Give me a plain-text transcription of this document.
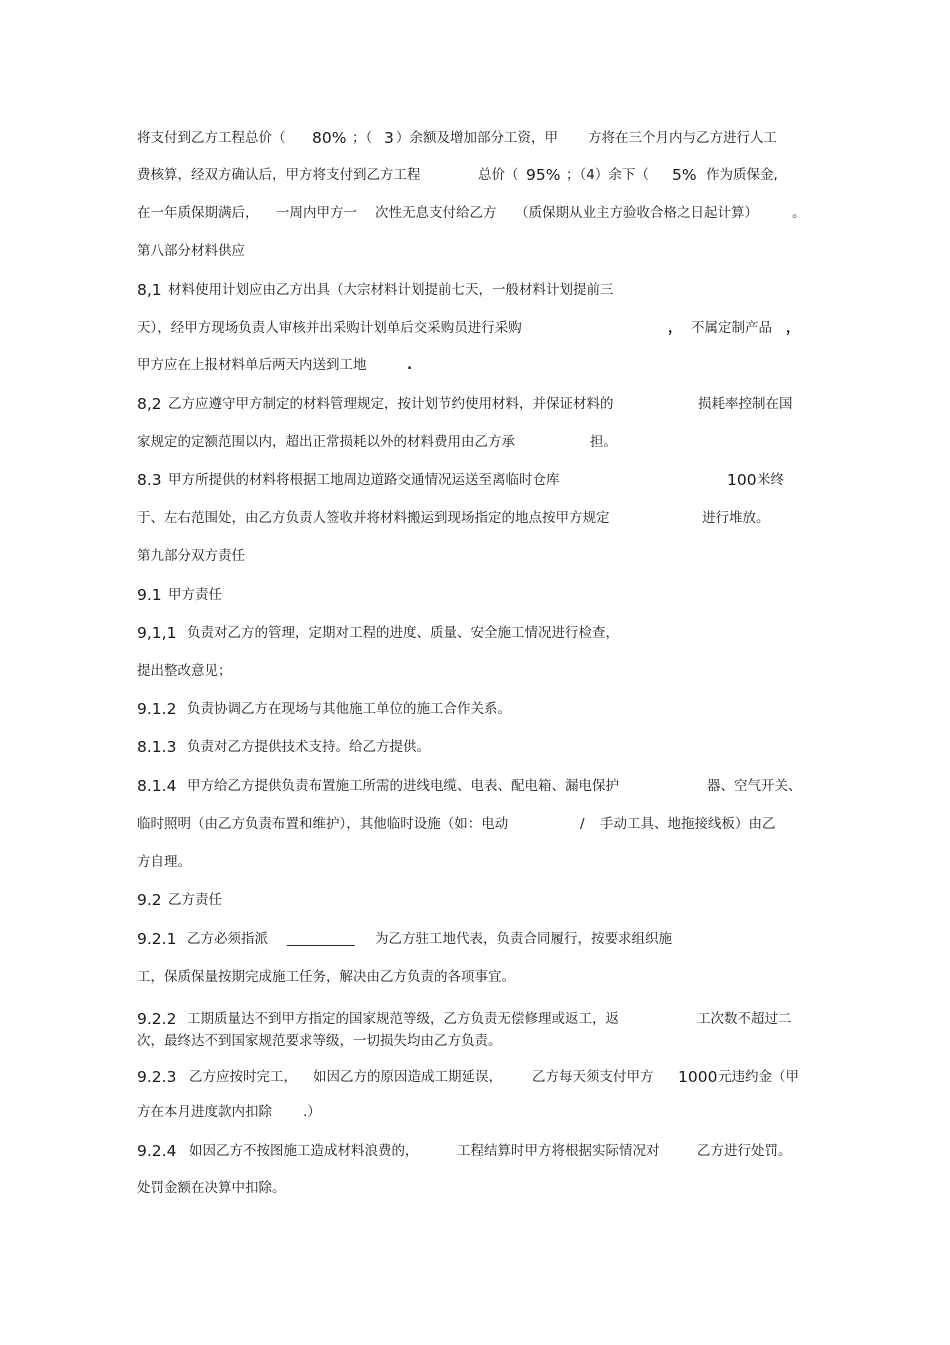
将支付到乙方工程总价（ 80% ；（ 3 ）余额及增加部分工资，甲 方将在三个月内与乙方进行人工
费核算，经双方确认后，甲方将支付到乙方工程	总价（ 95% ；（4）余下（ 5% 作为质保金,
在一年质保期满后， 一周内甲方一 次性无息支付给乙方 （质保期从业主方验收合格之日起计算）	。
第八部分材料供应
8,1 材料使用计划应由乙方出具（大宗材料计划提前七天，一般材料计划提前三
天），经甲方现场负责人审核并出采购计划单后交采购员进行采购	， 不属定制产品 ，
甲方应在上报材料单后两天内送到工地	.
8,2 乙方应遵守甲方制定的材料管理规定，按计划节约使用材料，并保证材料的	损耗率控制在国
家规定的定额范围以内，超出正常损耗以外的材料费用由乙方承	担。
8.3 甲方所提供的材料将根据工地周边道路交通情况运送至离临时仓库	100 米终
于、左右范围处，由乙方负责人签收并将材料搬运到现场指定的地点按甲方规定	进行堆放。
第九部分双方责任
9.1 甲方责任
9,1,1 负责对乙方的管理，定期对工程的进度、质量、安全施工情况进行检查，
提出整改意见；
9.1.2 负责协调乙方在现场与其他施工单位的施工合作关系。
8.1.3 负责对乙方提供技术支持。给乙方提供。
8.1.4 甲方给乙方提供负责布置施工所需的进线电缆、电表、配电箱、漏电保护	器、空气开关、
临时照明（由乙方负责布置和维护），其他临时设施（如：电动	/ 手动工具、地拖接线板）由乙
方自理。
9.2 乙方责任
9.2.1 乙方必须指派 __________ 为乙方驻工地代表，负责合同履行，按要求组织施
工，保质保量按期完成施工任务，解决由乙方负责的各项事宜。
9.2.2 工期质量达不到甲方指定的国家规范等级，乙方负责无偿修理或返工，返	工次数不超过二
次，最终达不到国家规范要求等级，一切损失均由乙方负责。
9.2.3 乙方应按时完工， 如因乙方的原因造成工期延误， 乙方每天须支付甲方 1000 元违约金（甲
方在本月进度款内扣除 .）
9.2.4 如因乙方不按图施工造成材料浪费的，	工程结算时甲方将根据实际情况对	乙方进行处罚。
处罚金额在决算中扣除。
